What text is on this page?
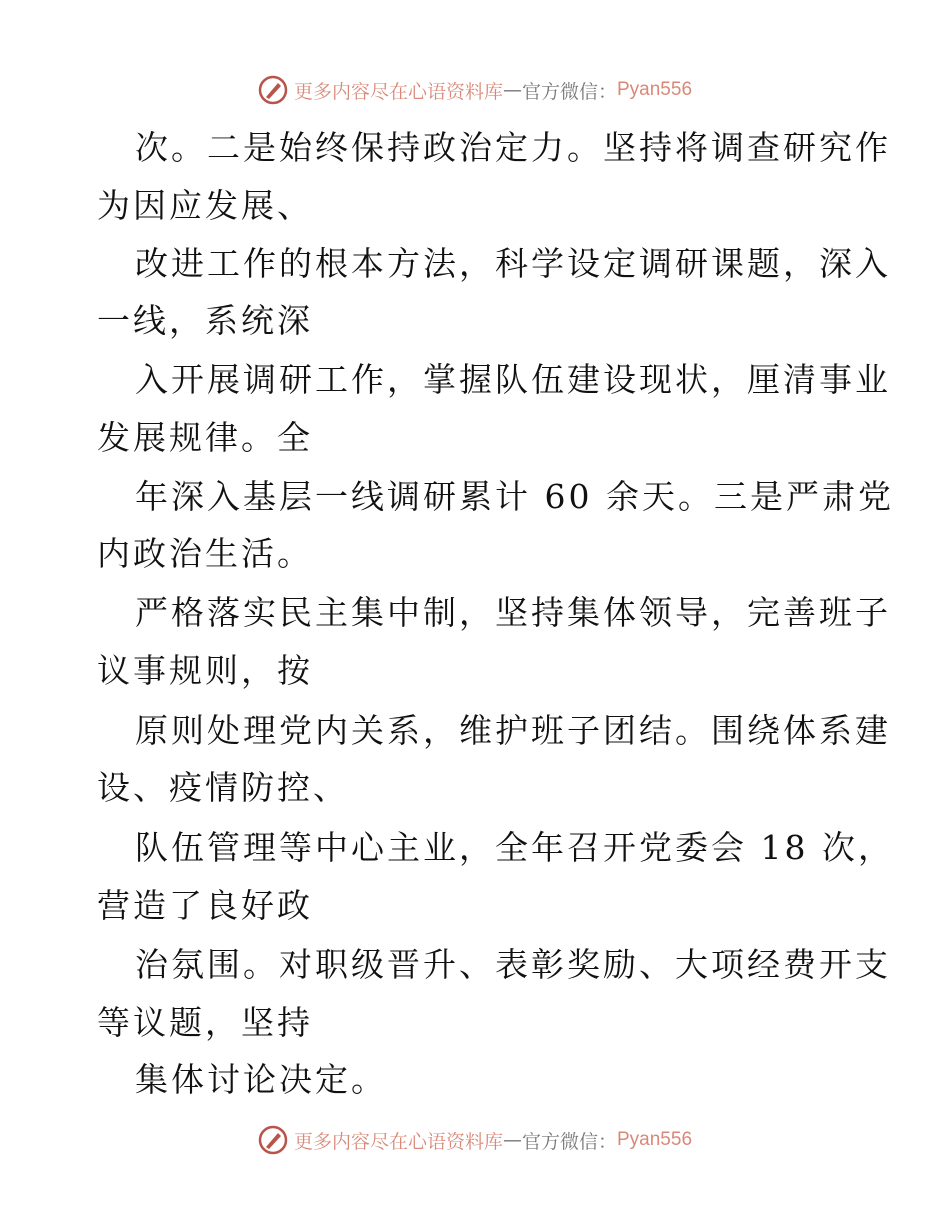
更多内容尽在心语资料库 — 官方微信： Pyan556
次。二是始终保持政治定力。坚持将调查研究作
为因应发展、
改进工作的根本方法，科学设定调研课题，深入
一线，系统深
入开展调研工作，掌握队伍建设现状，厘清事业
发展规律。全
年深入基层一线调研累计 60 余天。三是严肃党
内政治生活。
严格落实民主集中制，坚持集体领导，完善班子
议事规则，按
原则处理党内关系，维护班子团结。围绕体系建
设、疫情防控、
队伍管理等中心主业，全年召开党委会 18 次，
营造了良好政
治氛围。对职级晋升、表彰奖励、大项经费开支
等议题，坚持
集体讨论决定。
更多内容尽在心语资料库 — 官方微信： Pyan556
